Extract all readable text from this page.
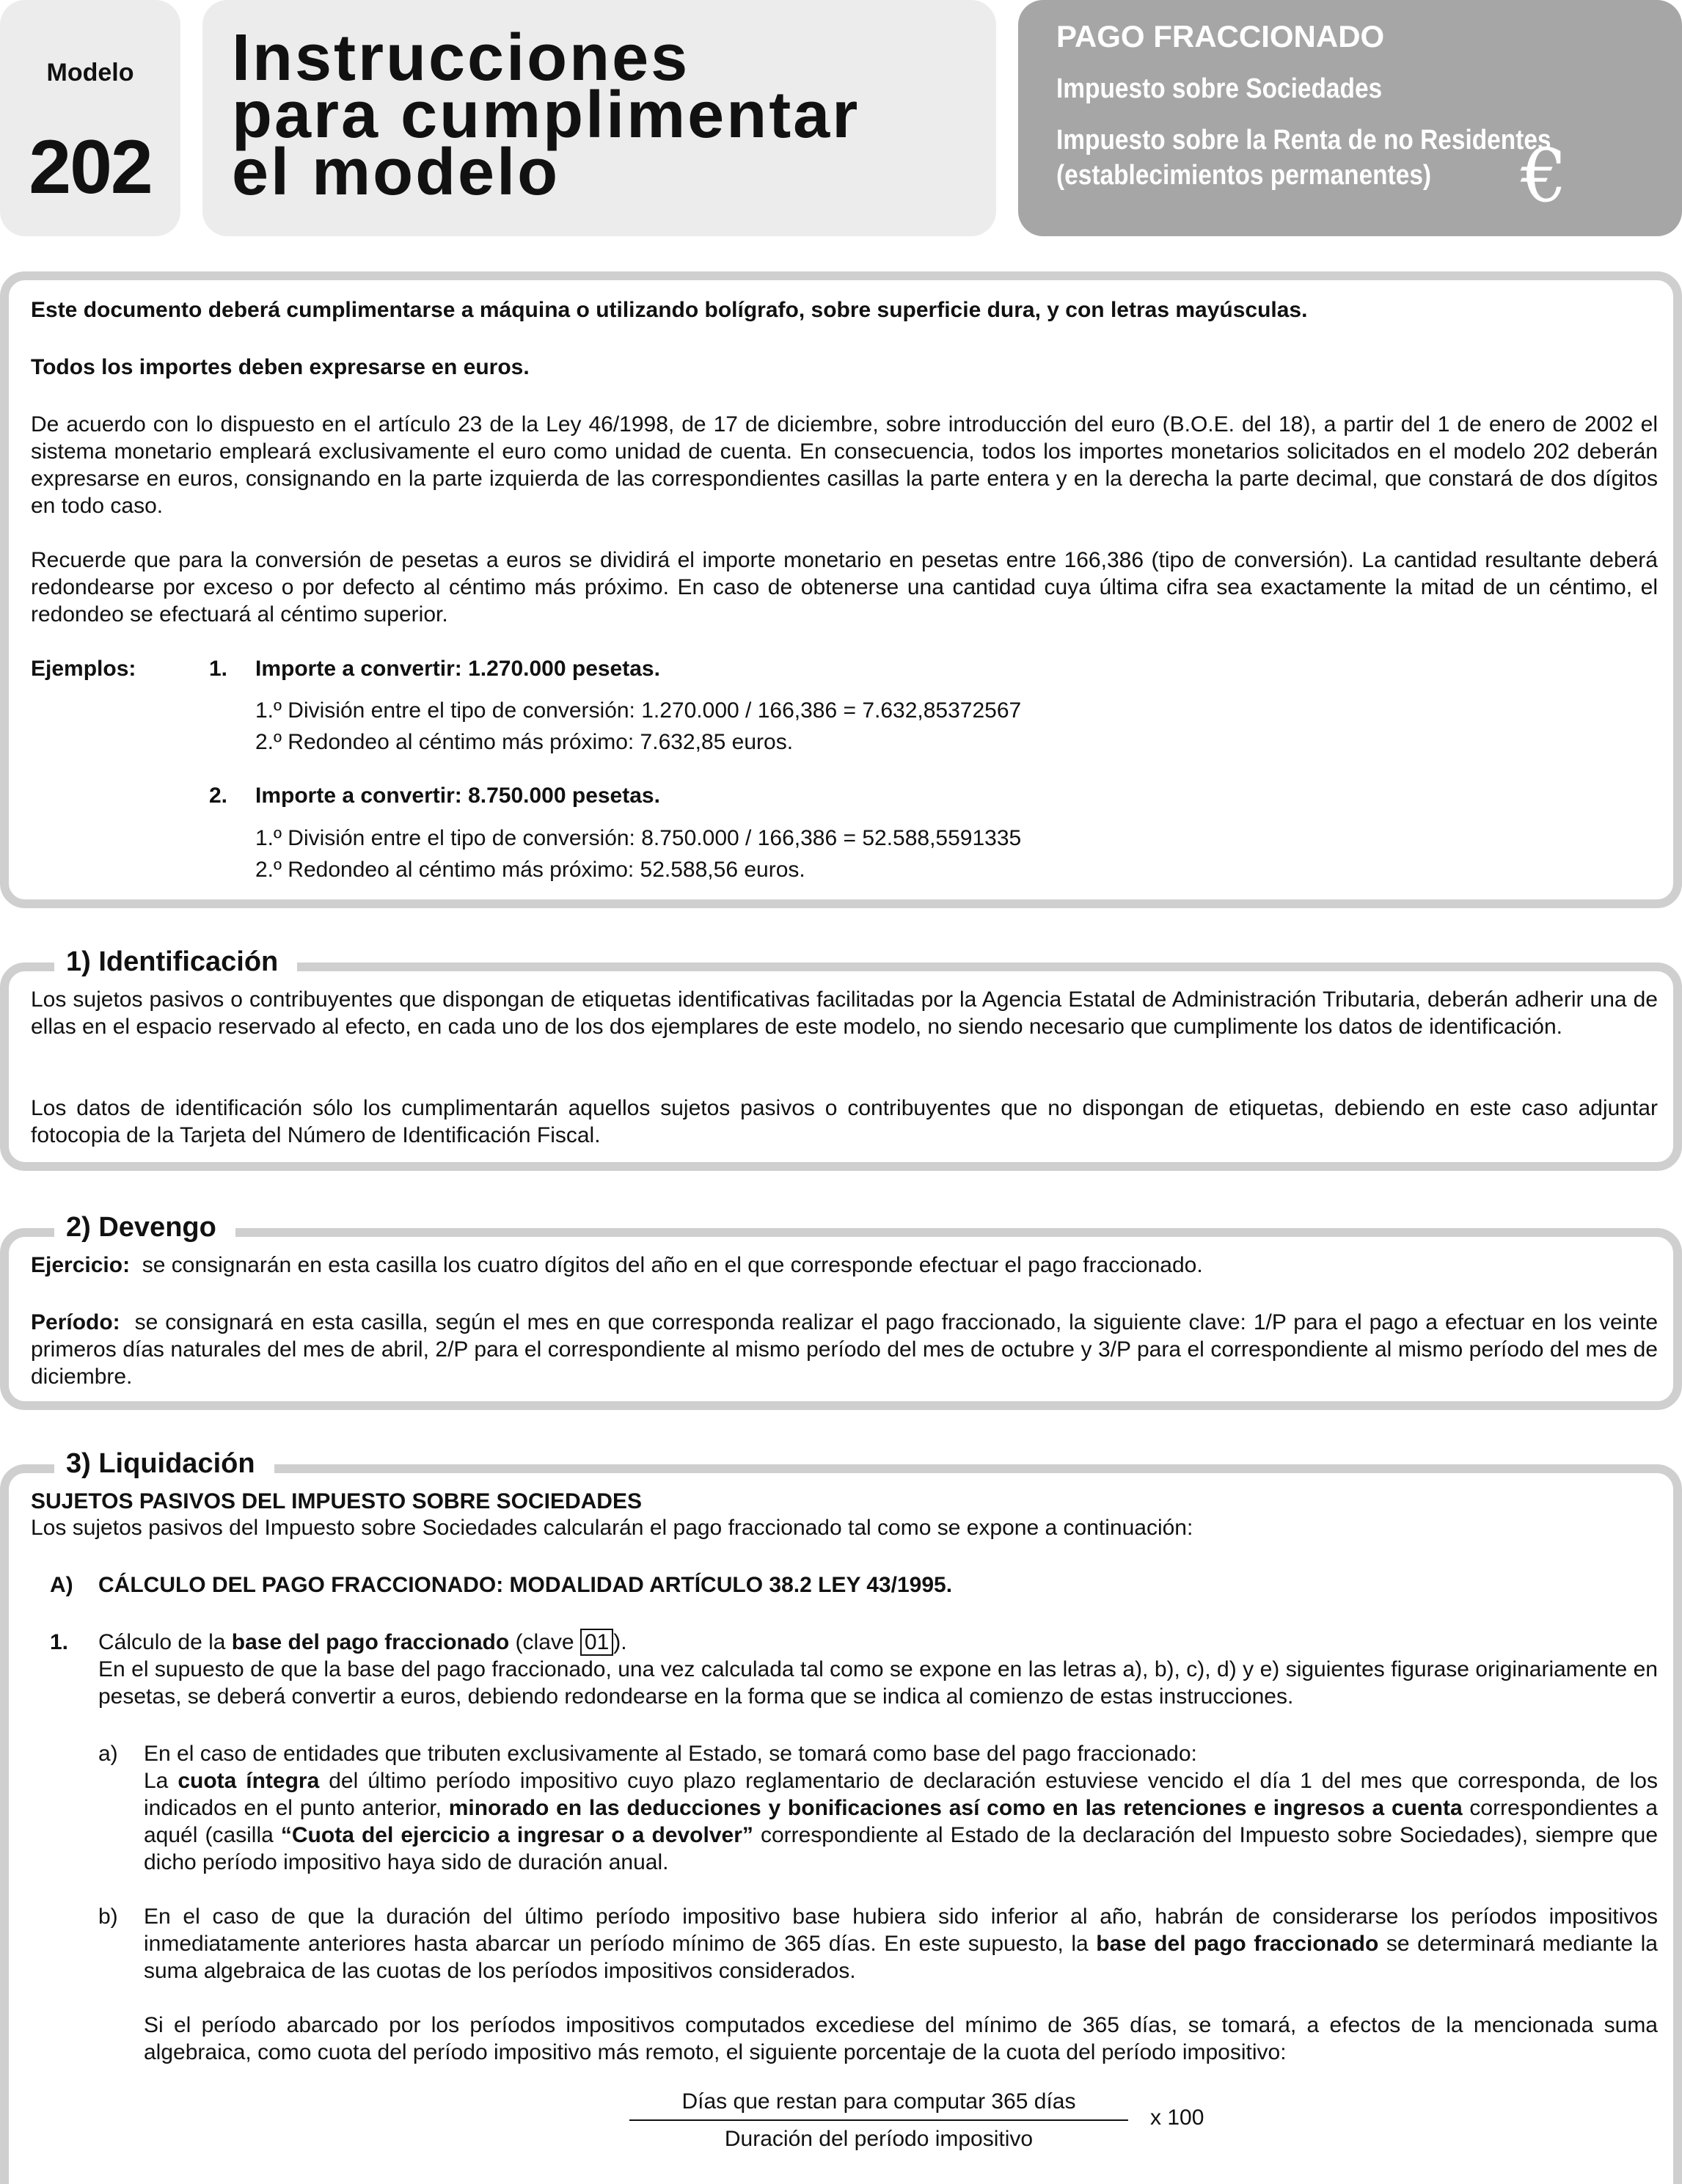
Modelo
202
Instrucciones
para cumplimentar
el modelo
PAGO FRACCIONADO
Impuesto sobre Sociedades
Impuesto sobre la Renta de no Residentes
(establecimientos permanentes) €
Este documento deberá cumplimentarse a máquina o utilizando bolígrafo, sobre superficie dura, y con letras mayúsculas.
Todos los importes deben expresarse en euros.
De acuerdo con lo dispuesto en el artículo 23 de la Ley 46/1998, de 17 de diciembre, sobre introducción del euro (B.O.E. del 18), a partir del 1 de enero de 2002 el sistema monetario empleará exclusivamente el euro como unidad de cuenta. En consecuencia, todos los importes monetarios solicitados en el modelo 202 deberán expresarse en euros, consignando en la parte izquierda de las correspondientes casillas la parte entera y en la derecha la parte decimal, que constará de dos dígitos en todo caso.
Recuerde que para la conversión de pesetas a euros se dividirá el importe monetario en pesetas entre 166,386 (tipo de conversión). La cantidad resultante deberá redondearse por exceso o por defecto al céntimo más próximo. En caso de obtenerse una cantidad cuya última cifra sea exactamente la mitad de un céntimo, el redondeo se efectuará al céntimo superior.
Ejemplos:	1. Importe a convertir: 1.270.000 pesetas.
1.º División entre el tipo de conversión: 1.270.000 / 166,386 = 7.632,85372567
2.º Redondeo al céntimo más próximo: 7.632,85 euros.
2. Importe a convertir: 8.750.000 pesetas.
1.º División entre el tipo de conversión: 8.750.000 / 166,386 = 52.588,5591335
2.º Redondeo al céntimo más próximo: 52.588,56 euros.
1) Identificación
Los sujetos pasivos o contribuyentes que dispongan de etiquetas identificativas facilitadas por la Agencia Estatal de Administración Tributaria, deberán adherir una de ellas en el espacio reservado al efecto, en cada uno de los dos ejemplares de este modelo, no siendo necesario que cumplimente los datos de identificación.
Los datos de identificación sólo los cumplimentarán aquellos sujetos pasivos o contribuyentes que no dispongan de etiquetas, debiendo en este caso adjuntar fotocopia de la Tarjeta del Número de Identificación Fiscal.
2) Devengo
Ejercicio: se consignarán en esta casilla los cuatro dígitos del año en el que corresponde efectuar el pago fraccionado.
Período: se consignará en esta casilla, según el mes en que corresponda realizar el pago fraccionado, la siguiente clave: 1/P para el pago a efectuar en los veinte primeros días naturales del mes de abril, 2/P para el correspondiente al mismo período del mes de octubre y 3/P para el correspondiente al mismo período del mes de diciembre.
3) Liquidación
SUJETOS PASIVOS DEL IMPUESTO SOBRE SOCIEDADES
Los sujetos pasivos del Impuesto sobre Sociedades calcularán el pago fraccionado tal como se expone a continuación:
A) CÁLCULO DEL PAGO FRACCIONADO: MODALIDAD ARTÍCULO 38.2 LEY 43/1995.
1. Cálculo de la base del pago fraccionado (clave 01 ).
En el supuesto de que la base del pago fraccionado, una vez calculada tal como se expone en las letras a), b), c), d) y e) siguientes figurase originariamente en pesetas, se deberá convertir a euros, debiendo redondearse en la forma que se indica al comienzo de estas instrucciones.
a) En el caso de entidades que tributen exclusivamente al Estado, se tomará como base del pago fraccionado:
La cuota íntegra del último período impositivo cuyo plazo reglamentario de declaración estuviese vencido el día 1 del mes que corresponda, de los indicados en el punto anterior, minorado en las deducciones y bonificaciones así como en las retenciones e ingresos a cuenta correspondientes a aquél (casilla “Cuota del ejercicio a ingresar o a devolver” correspondiente al Estado de la declaración del Impuesto sobre Sociedades), siempre que dicho período impositivo haya sido de duración anual.
b) En el caso de que la duración del último período impositivo base hubiera sido inferior al año, habrán de considerarse los períodos impositivos inmediatamente anteriores hasta abarcar un período mínimo de 365 días. En este supuesto, la base del pago fraccionado se determinará mediante la suma algebraica de las cuotas de los períodos impositivos considerados.
Si el período abarcado por los períodos impositivos computados excediese del mínimo de 365 días, se tomará, a efectos de la mencionada suma algebraica, como cuota del período impositivo más remoto, el siguiente porcentaje de la cuota del período impositivo:
Días que restan para computar 365 días
Duración del período impositivo
x 100
